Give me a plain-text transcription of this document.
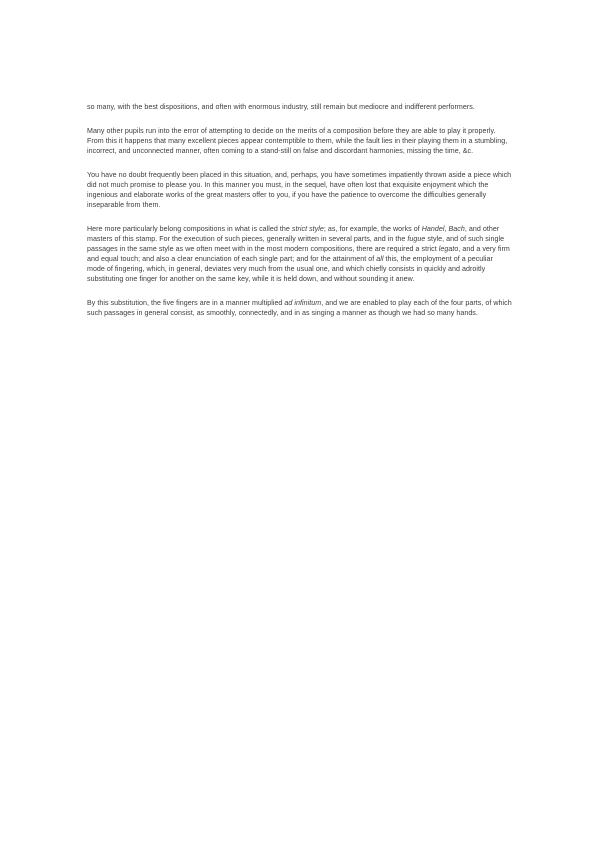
so many, with the best dispositions, and often with enormous industry, still remain but mediocre and indifferent performers.

Many other pupils run into the error of attempting to decide on the merits of a composition before they are able to play it properly. From this it happens that many excellent pieces appear contemptible to them, while the fault lies in their playing them in a stumbling, incorrect, and unconnected manner, often coming to a stand-still on false and discordant harmonies, missing the time, &c.

You have no doubt frequently been placed in this situation, and, perhaps, you have sometimes impatiently thrown aside a piece which did not much promise to please you. In this manner you must, in the sequel, have often lost that exquisite enjoyment which the ingenious and elaborate works of the great masters offer to you, if you have the patience to overcome the difficulties generally inseparable from them.

Here more particularly belong compositions in what is called the strict style; as, for example, the works of Handel, Bach, and other masters of this stamp. For the execution of such pieces, generally written in several parts, and in the fugue style, and of such single passages in the same style as we often meet with in the most modern compositions, there are required a strict legato, and a very firm and equal touch; and also a clear enunciation of each single part; and for the attainment of all this, the employment of a peculiar mode of fingering, which, in general, deviates very much from the usual one, and which chiefly consists in quickly and adroitly substituting one finger for another on the same key, while it is held down, and without sounding it anew.

By this substitution, the five fingers are in a manner multiplied ad infinitum, and we are enabled to play each of the four parts, of which such passages in general consist, as smoothly, connectedly, and in as singing a manner as though we had so many hands.
